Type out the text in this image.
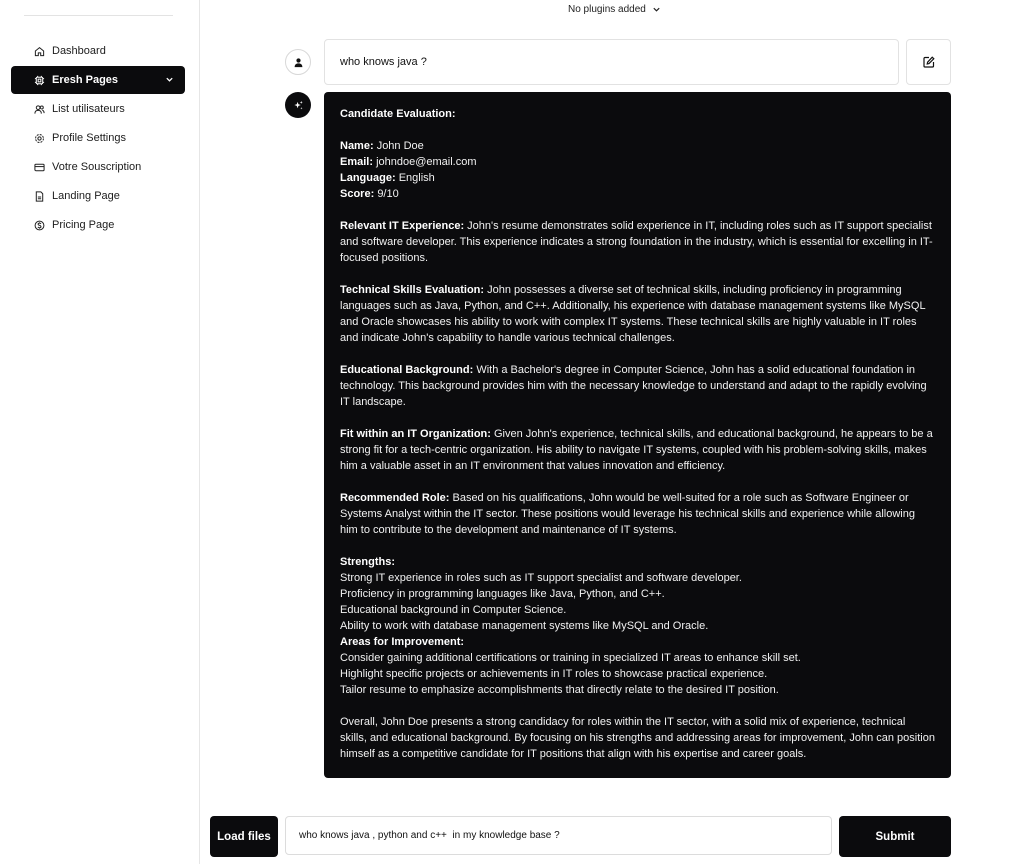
Dashboard
Eresh Pages
List utilisateurs
Profile Settings
Votre Souscription
Landing Page
Pricing Page
No plugins added
who knows java ?

Candidate Evaluation:

Name: John Doe

Email: johndoe@email.com

Language: English

Score: 9/10

Relevant IT Experience: John's resume demonstrates solid experience in IT, including roles such as IT support specialist and software developer. This experience indicates a strong foundation in the industry, which is essential for excelling in IT-focused positions.

Technical Skills Evaluation: John possesses a diverse set of technical skills, including proficiency in programming languages such as Java, Python, and C++. Additionally, his experience with database management systems like MySQL and Oracle showcases his ability to work with complex IT systems. These technical skills are highly valuable in IT roles and indicate John's capability to handle various technical challenges.

Educational Background: With a Bachelor's degree in Computer Science, John has a solid educational foundation in technology. This background provides him with the necessary knowledge to understand and adapt to the rapidly evolving IT landscape.

Fit within an IT Organization: Given John's experience, technical skills, and educational background, he appears to be a strong fit for a tech-centric organization. His ability to navigate IT systems, coupled with his problem-solving skills, makes him a valuable asset in an IT environment that values innovation and efficiency.

Recommended Role: Based on his qualifications, John would be well-suited for a role such as Software Engineer or Systems Analyst within the IT sector. These positions would leverage his technical skills and experience while allowing him to contribute to the development and maintenance of IT systems.

Strengths:

Strong IT experience in roles such as IT support specialist and software developer.

Proficiency in programming languages like Java, Python, and C++.

Educational background in Computer Science.

Ability to work with database management systems like MySQL and Oracle.

Areas for Improvement:

Consider gaining additional certifications or training in specialized IT areas to enhance skill set.

Highlight specific projects or achievements in IT roles to showcase practical experience.

Tailor resume to emphasize accomplishments that directly relate to the desired IT position.

Overall, John Doe presents a strong candidacy for roles within the IT sector, with a solid mix of experience, technical skills, and educational background. By focusing on his strengths and addressing areas for improvement, John can position himself as a competitive candidate for IT positions that align with his expertise and career goals.

Load files
who knows java , python and c++ in my knowledge base ?	Submit
